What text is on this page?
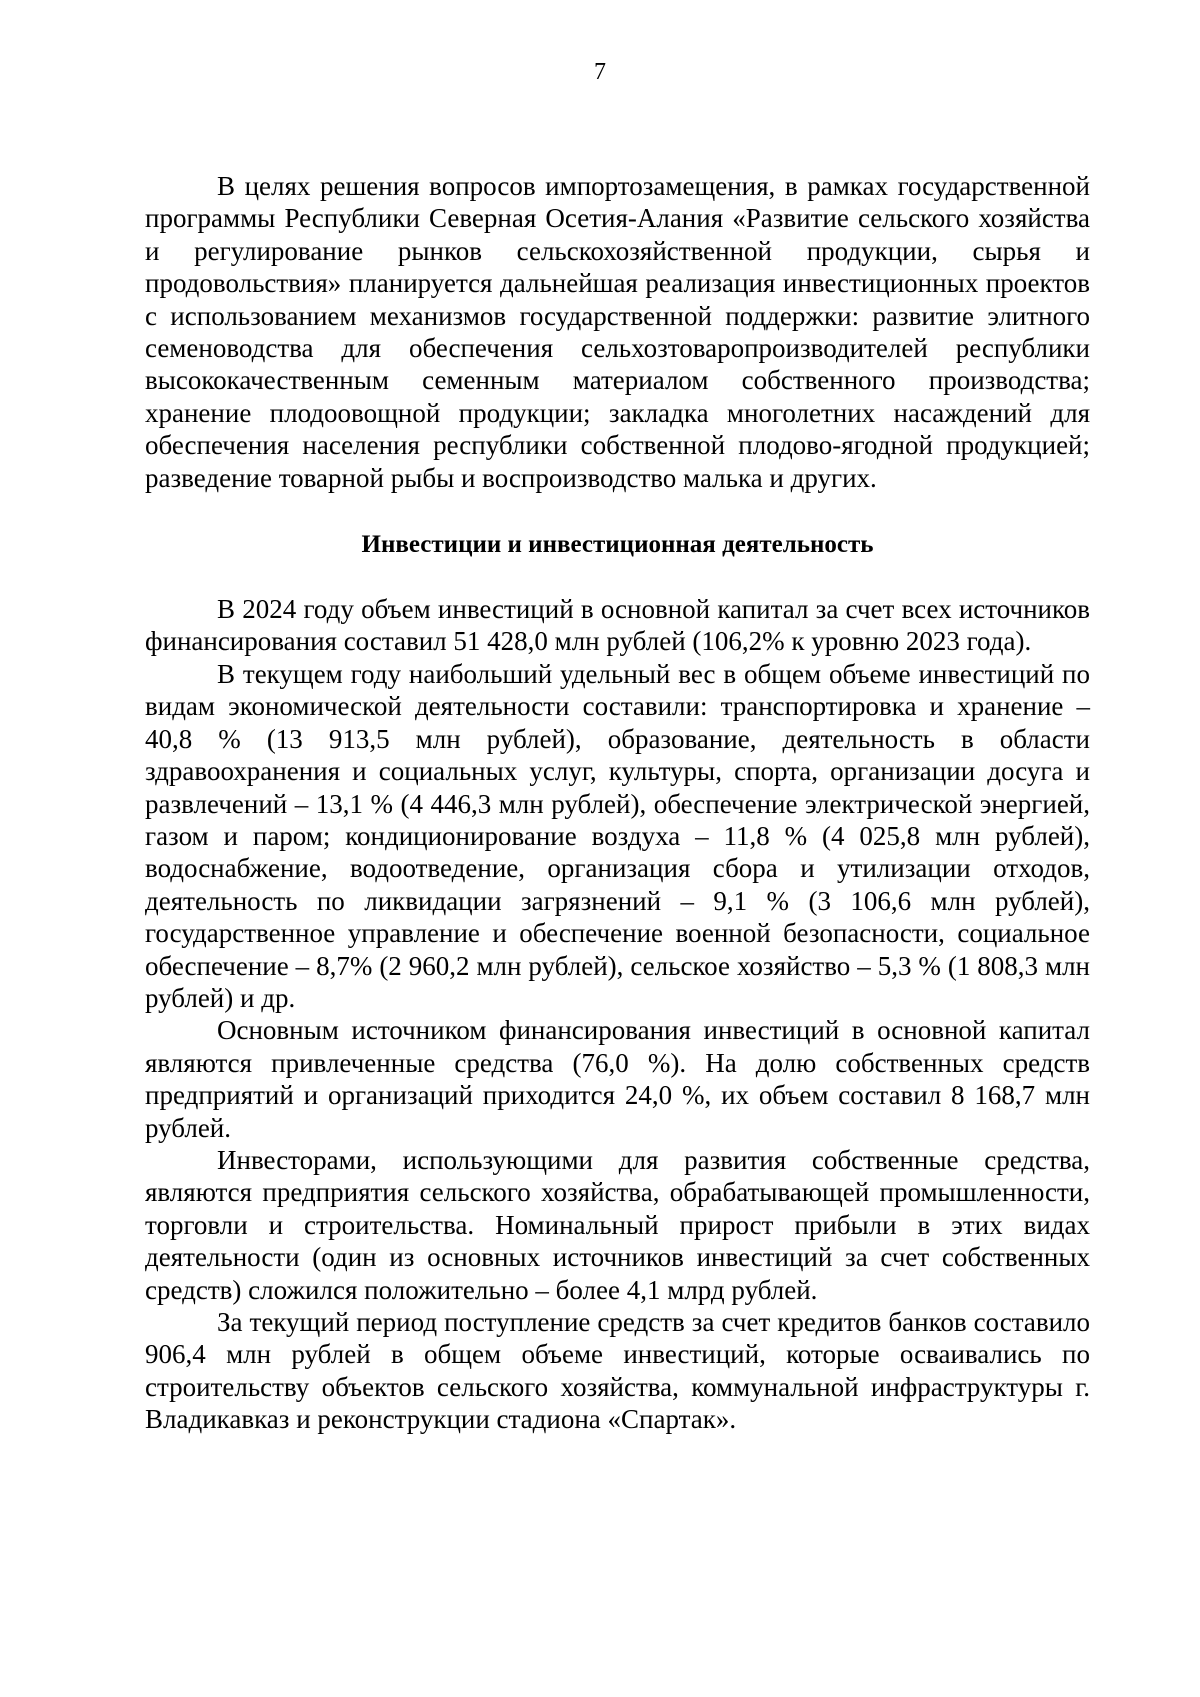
7

В целях решения вопросов импортозамещения, в рамках государственной программы Республики Северная Осетия-Алания «Развитие сельского хозяйства и регулирование рынков сельскохозяйственной продукции, сырья и продовольствия» планируется дальнейшая реализация инвестиционных проектов с использованием механизмов государственной поддержки: развитие элитного семеноводства для обеспечения сельхозтоваропроизводителей республики высококачественным семенным материалом собственного производства; хранение плодоовощной продукции; закладка многолетних насаждений для обеспечения населения республики собственной плодово-ягодной продукцией; разведение товарной рыбы и воспроизводство малька и других.

Инвестиции и инвестиционная деятельность

В 2024 году объем инвестиций в основной капитал за счет всех источников финансирования составил 51 428,0 млн рублей (106,2% к уровню 2023 года).

В текущем году наибольший удельный вес в общем объеме инвестиций по видам экономической деятельности составили: транспортировка и хранение – 40,8 % (13 913,5 млн рублей), образование, деятельность в области здравоохранения и социальных услуг, культуры, спорта, организации досуга и развлечений – 13,1 % (4 446,3 млн рублей), обеспечение электрической энергией, газом и паром; кондиционирование воздуха – 11,8 % (4 025,8 млн рублей), водоснабжение, водоотведение, организация сбора и утилизации отходов, деятельность по ликвидации загрязнений – 9,1 % (3 106,6 млн рублей), государственное управление и обеспечение военной безопасности, социальное обеспечение – 8,7% (2 960,2 млн рублей), сельское хозяйство – 5,3 % (1 808,3 млн рублей) и др.

Основным источником финансирования инвестиций в основной капитал являются привлеченные средства (76,0 %). На долю собственных средств предприятий и организаций приходится 24,0 %, их объем составил 8 168,7 млн рублей.

Инвесторами, использующими для развития собственные средства, являются предприятия сельского хозяйства, обрабатывающей промышленности, торговли и строительства. Номинальный прирост прибыли в этих видах деятельности (один из основных источников инвестиций за счет собственных средств) сложился положительно – более 4,1 млрд рублей.

За текущий период поступление средств за счет кредитов банков составило 906,4 млн рублей в общем объеме инвестиций, которые осваивались по строительству объектов сельского хозяйства, коммунальной инфраструктуры г. Владикавказ и реконструкции стадиона «Спартак».
